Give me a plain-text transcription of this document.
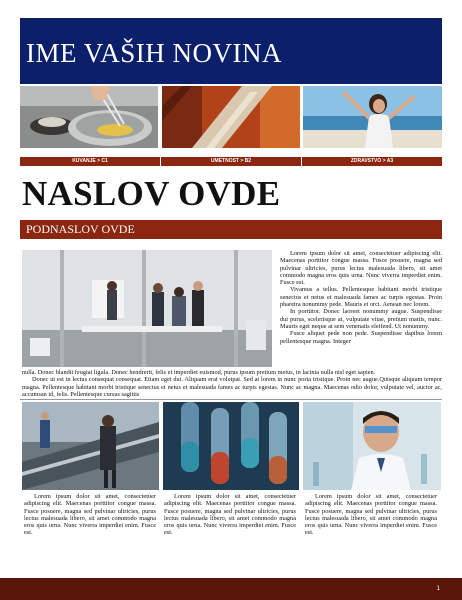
IME VAŠIH NOVINA
KUVANJE > C1	UMETNOST > B2	ZDRAVSTVO > A3
NASLOV OVDE
PODNASLOV OVDE

Lorem ipsum dolor sit amet, consectetuer adipiscing elit. Maecenas porttitor congue massa. Fusce posuere, magna sed pulvinar ultricies, purus lectus malesuada libero, sit amet commodo magna eros quis urna. Nunc viverra imperdiet enim. Fusce est.

Vivamus a tellus. Pellentesque habitant morbi tristique senectus et netus et malesuada fames ac turpis egestas. Proin pharetra nonummy pede. Mauris et orci. Aenean nec lorem.

In porttitor. Donec laoreet nonummy augue. Suspendisse dui purus, scelerisque at, vulputate vitae, pretium mattis, nunc. Mauris eget neque at sem venenatis eleifend. Ut nonummy.

Fusce aliquet pede non pede. Suspendisse dapibus lorem pellentesque magna. Integer

nulla. Donec blandit feugiat ligula. Donec hendrerit, felis et imperdiet euismod, purus ipsum pretium metus, in lacinia nulla nisl eget sapien.

Donec ut est in lectus consequat consequat. Etiam eget dui. Aliquam erat volutpat. Sed at lorem in nunc porta tristique. Proin nec augue.Quisque aliquam tempor magna. Pellentesque habitant morbi tristique senectus et netus et malesuada fames ac turpis egestas. Nunc ac magna. Maecenas odio dolor, vulputate vel, auctor ac, accumsan id, felis. Pellentesque cursus sagittis

Lorem ipsum dolor sit amet, consectetuer adipiscing elit. Maecenas porttitor congue massa. Fusce posuere, magna sed pulvinar ultricies, purus lectus malesuada libero, sit amet commodo magna eros quis urna. Nunc viverra imperdiet enim. Fusce est.

Lorem ipsum dolor sit amet, consectetuer adipiscing elit. Maecenas porttitor congue massa. Fusce posuere, magna sed pulvinar ultricies, purus lectus malesuada libero, sit amet commodo magna eros quis urna. Nunc viverra imperdiet enim. Fusce est.

Lorem ipsum dolor sit amet, consectetuer adipiscing elit. Maecenas porttitor congue massa. Fusce posuere, magna sed pulvinar ultricies, purus lectus malesuada libero, sit amet commodo magna eros quis urna. Nunc viverra imperdiet enim. Fusce est.

1
